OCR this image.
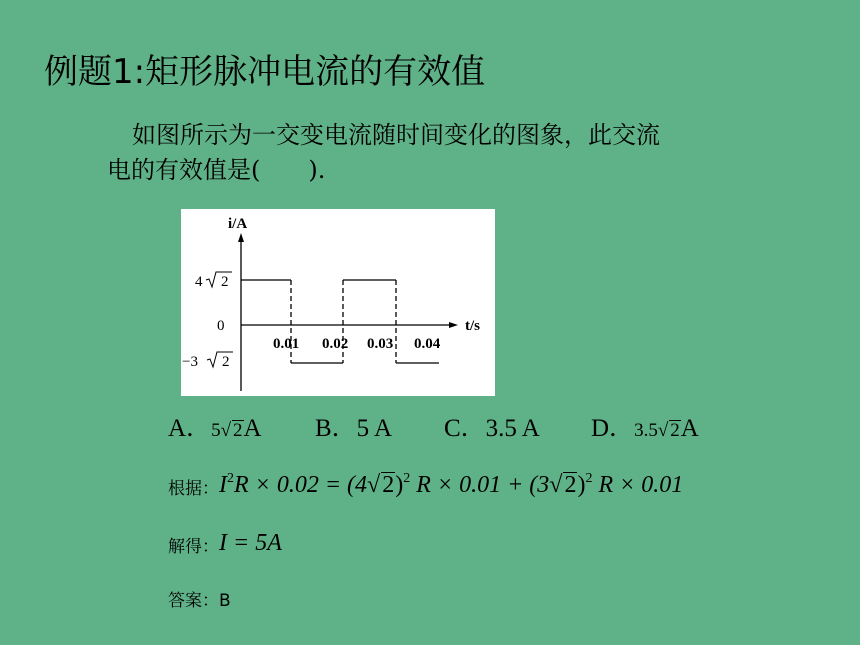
例题1:矩形脉冲电流的有效值
如图所示为一交变电流随时间变化的图象，此交流
电的有效值是(　　).
i/A
t/s
4 2
0
−3 2
0.01 0.02 0.03 0.04
A．5√ 2A B．5 A C．3.5 A D．3.5√ 2A
根据：$I^2R \times 0.02 = (4√2)^2$ $R \times 0.01 + (3√2)^2$ R × 0.01
解得：I = 5A
答案：B
